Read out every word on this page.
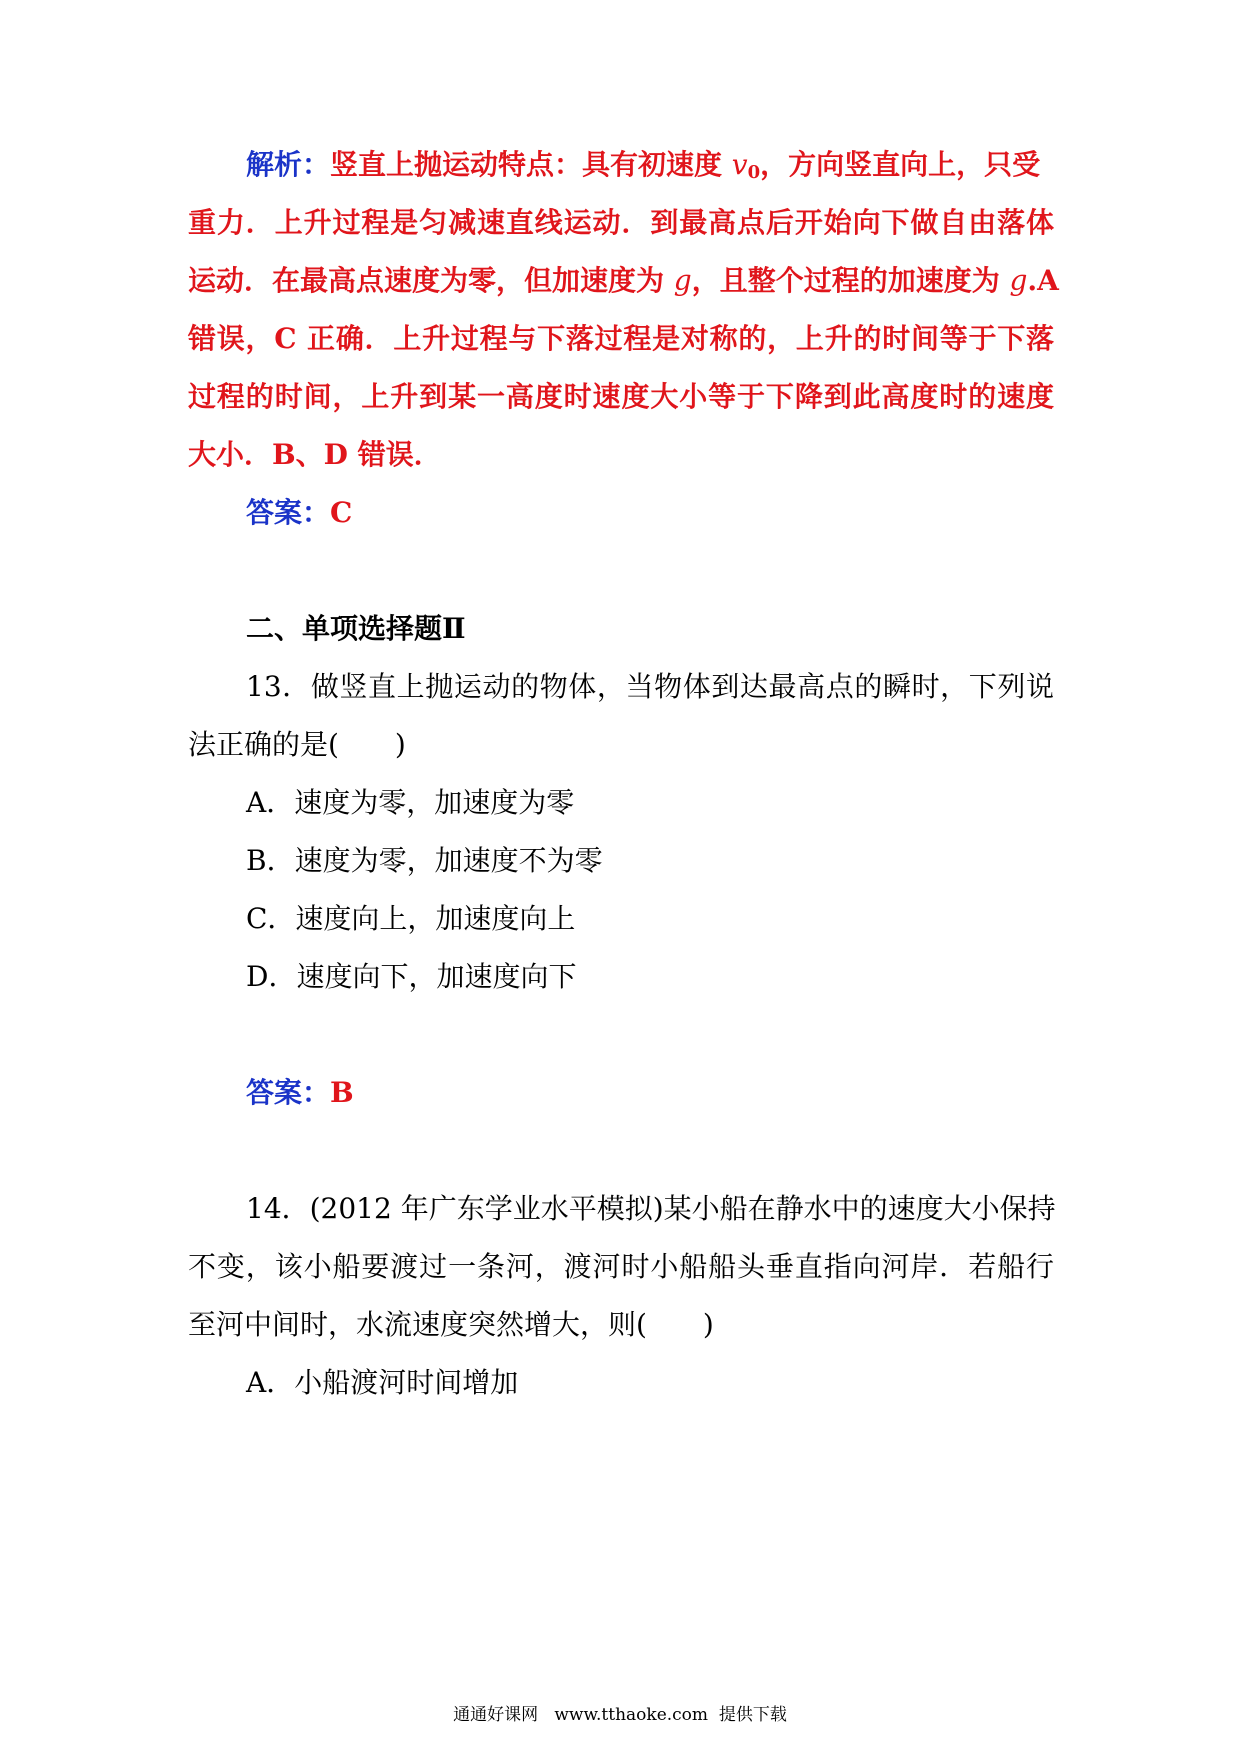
解析：竖直上抛运动特点：具有初速度 $v_0$，方向竖直向上，只受
重力．上升过程是匀减速直线运动．到最高点后开始向下做自由落体
运动．在最高点速度为零，但加速度为 g，且整个过程的加速度为 g.A
错误，C 正确．上升过程与下落过程是对称的，上升的时间等于下落
过程的时间，上升到某一高度时速度大小等于下降到此高度时的速度
大小．B、D 错误．
答案：C
二、单项选择题Ⅱ
13．做竖直上抛运动的物体，当物体到达最高点的瞬时，下列说
法正确的是(　　)
A．速度为零，加速度为零
B．速度为零，加速度不为零
C．速度向上，加速度向上
D．速度向下，加速度向下
答案：B
14．(2012 年广东学业水平模拟)某小船在静水中的速度大小保持
不变，该小船要渡过一条河，渡河时小船船头垂直指向河岸．若船行
至河中间时，水流速度突然增大，则(　　)
A．小船渡河时间增加
通通好课网   www.tthaoke.com  提供下载
